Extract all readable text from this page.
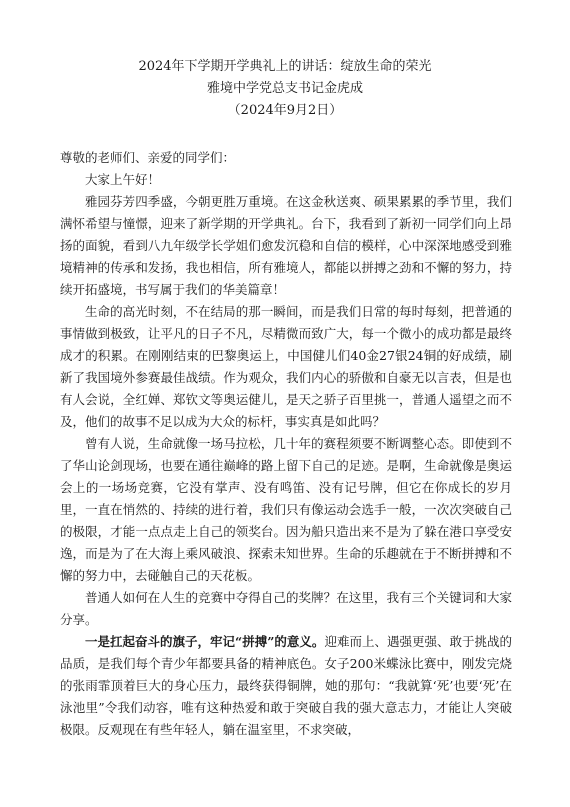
2024年下学期开学典礼上的讲话：绽放生命的荣光
雅境中学党总支书记金虎成
（2024年9月2日）

尊敬的老师们、亲爱的同学们：

大家上午好！

雅园芬芳四季盛，今朝更胜万重境。在这金秋送爽、硕果累累的季节里，我们满怀希望与憧憬，迎来了新学期的开学典礼。台下，我看到了新初一同学们向上昂扬的面貌，看到八九年级学长学姐们愈发沉稳和自信的模样，心中深深地感受到雅境精神的传承和发扬，我也相信，所有雅境人，都能以拼搏之劲和不懈的努力，持续开拓盛境，书写属于我们的华美篇章！

生命的高光时刻，不在结局的那一瞬间，而是我们日常的每时每刻，把普通的事情做到极致，让平凡的日子不凡，尽精微而致广大，每一个微小的成功都是最终成才的积累。在刚刚结束的巴黎奥运上，中国健儿们40金27银24铜的好成绩，刷新了我国境外参赛最佳战绩。作为观众，我们内心的骄傲和自豪无以言表，但是也有人会说，全红婵、郑钦文等奥运健儿，是天之骄子百里挑一，普通人遥望之而不及，他们的故事不足以成为大众的标杆，事实真是如此吗？

曾有人说，生命就像一场马拉松，几十年的赛程须要不断调整心态。即使到不了华山论剑现场，也要在通往巅峰的路上留下自己的足迹。是啊，生命就像是奥运会上的一场场竞赛，它没有掌声、没有鸣笛、没有记号牌，但它在你成长的岁月里，一直在悄然的、持续的进行着，我们只有像运动会选手一般，一次次突破自己的极限，才能一点点走上自己的领奖台。因为船只造出来不是为了躲在港口享受安逸，而是为了在大海上乘风破浪、探索未知世界。生命的乐趣就在于不断拼搏和不懈的努力中，去碰触自己的天花板。

普通人如何在人生的竞赛中夺得自己的奖牌？在这里，我有三个关键词和大家分享。

一是扛起奋斗的旗子，牢记“拼搏”的意义。迎难而上、遇强更强、敢于挑战的品质，是我们每个青少年都要具备的精神底色。女子200米蝶泳比赛中，刚发完烧的张雨霏顶着巨大的身心压力，最终获得铜牌，她的那句：“我就算‘死’也要‘死’在泳池里”令我们动容，唯有这种热爱和敢于突破自我的强大意志力，才能让人突破极限。反观现在有些年轻人，躺在温室里，不求突破，
